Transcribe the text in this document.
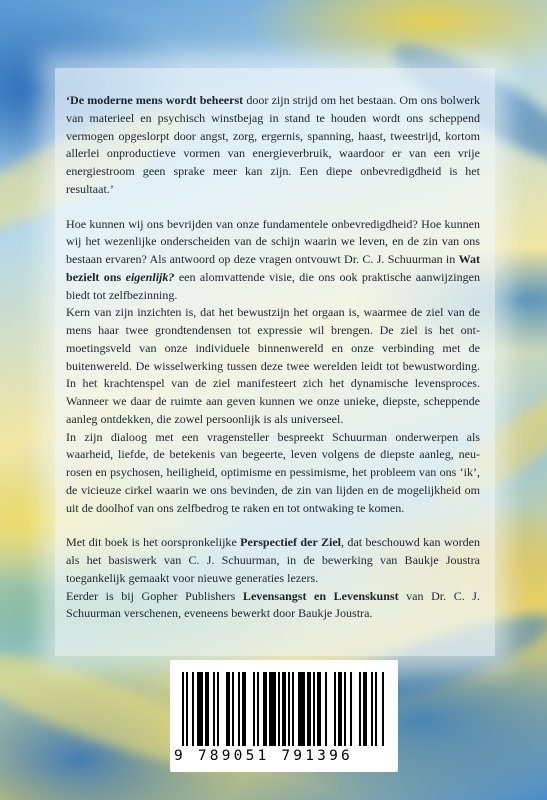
‘De moderne mens wordt beheerst door zijn strijd om het bestaan. Om ons bolwerk van materieel en psychisch winstbejag in stand te houden wordt ons scheppend vermogen opgeslorpt door angst, zorg, ergernis, spanning, haast, tweestrijd, kortom allerlei onproductieve vormen van energieverbruik, waardoor er van een vrije energiestroom geen sprake meer kan zijn. Een diepe onbevredigdheid is het resultaat.’

Hoe kunnen wij ons bevrijden van onze fundamentele onbevredigdheid? Hoe kunnen wij het wezenlijke onderscheiden van de schijn waarin we leven, en de zin van ons bestaan ervaren? Als antwoord op deze vragen ontvouwt Dr. C. J. Schuurman in Wat bezielt ons eigenlijk? een alomvattende visie, die ons ook praktische aanwijzingen biedt tot zelfbezinning.

Kern van zijn inzichten is, dat het bewustzijn het orgaan is, waarmee de ziel van de mens haar twee grondtendensen tot expressie wil brengen. De ziel is het ontmoetingsveld van onze individuele binnenwereld en onze verbinding met de buitenwereld. De wisselwerking tussen deze twee werelden leidt tot bewustwording. In het krachtenspel van de ziel manifesteert zich het dynamische levensproces. Wanneer we daar de ruimte aan geven kunnen we onze unieke, diepste, scheppende aanleg ontdekken, die zowel persoonlijk is als universeel.

In zijn dialoog met een vragensteller bespreekt Schuurman onderwerpen als waarheid, liefde, de betekenis van begeerte, leven volgens de diepste aanleg, neurosen en psychosen, heiligheid, optimisme en pessimisme, het probleem van ons ‘ik’, de vicieuze cirkel waarin we ons bevinden, de zin van lijden en de mogelijkheid om uit de doolhof van ons zelfbedrog te raken en tot ontwaking te komen.

Met dit boek is het oorspronkelijke Perspectief der Ziel, dat beschouwd kan worden als het basiswerk van C. J. Schuurman, in de bewerking van Baukje Joustra toegankelijk gemaakt voor nieuwe generaties lezers.

Eerder is bij Gopher Publishers Levensangst en Levenskunst van Dr. C. J. Schuurman verschenen, eveneens bewerkt door Baukje Joustra.

9 789051 791396
